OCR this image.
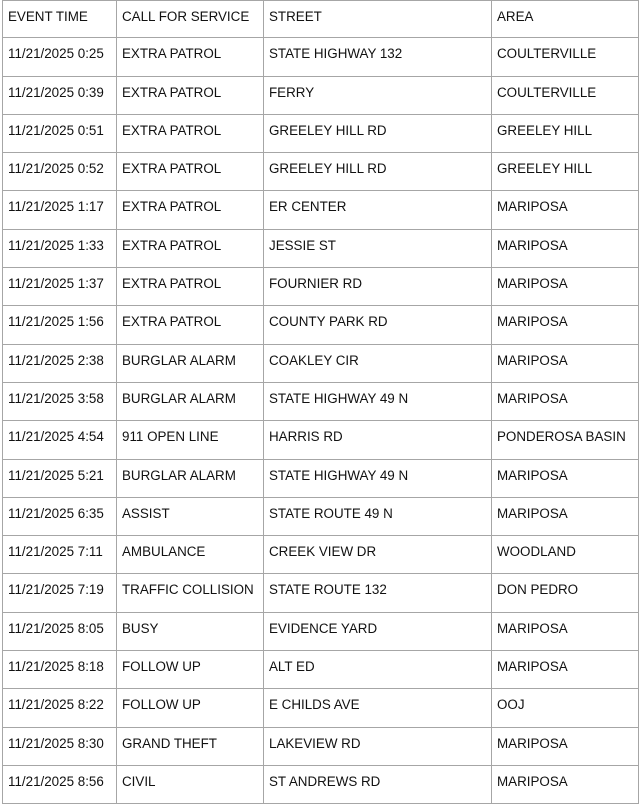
EVENT TIME	CALL FOR SERVICE	STREET	AREA
11/21/2025 0:25	EXTRA PATROL	STATE HIGHWAY 132	COULTERVILLE
11/21/2025 0:39	EXTRA PATROL	FERRY	COULTERVILLE
11/21/2025 0:51	EXTRA PATROL	GREELEY HILL RD	GREELEY HILL
11/21/2025 0:52	EXTRA PATROL	GREELEY HILL RD	GREELEY HILL
11/21/2025 1:17	EXTRA PATROL	ER CENTER	MARIPOSA
11/21/2025 1:33	EXTRA PATROL	JESSIE ST	MARIPOSA
11/21/2025 1:37	EXTRA PATROL	FOURNIER RD	MARIPOSA
11/21/2025 1:56	EXTRA PATROL	COUNTY PARK RD	MARIPOSA
11/21/2025 2:38	BURGLAR ALARM	COAKLEY CIR	MARIPOSA
11/21/2025 3:58	BURGLAR ALARM	STATE HIGHWAY 49 N	MARIPOSA
11/21/2025 4:54	911 OPEN LINE	HARRIS RD	PONDEROSA BASIN
11/21/2025 5:21	BURGLAR ALARM	STATE HIGHWAY 49 N	MARIPOSA
11/21/2025 6:35	ASSIST	STATE ROUTE 49 N	MARIPOSA
11/21/2025 7:11	AMBULANCE	CREEK VIEW DR	WOODLAND
11/21/2025 7:19	TRAFFIC COLLISION	STATE ROUTE 132	DON PEDRO
11/21/2025 8:05	BUSY	EVIDENCE YARD	MARIPOSA
11/21/2025 8:18	FOLLOW UP	ALT ED	MARIPOSA
11/21/2025 8:22	FOLLOW UP	E CHILDS AVE	OOJ
11/21/2025 8:30	GRAND THEFT	LAKEVIEW RD	MARIPOSA
11/21/2025 8:56	CIVIL	ST ANDREWS RD	MARIPOSA
